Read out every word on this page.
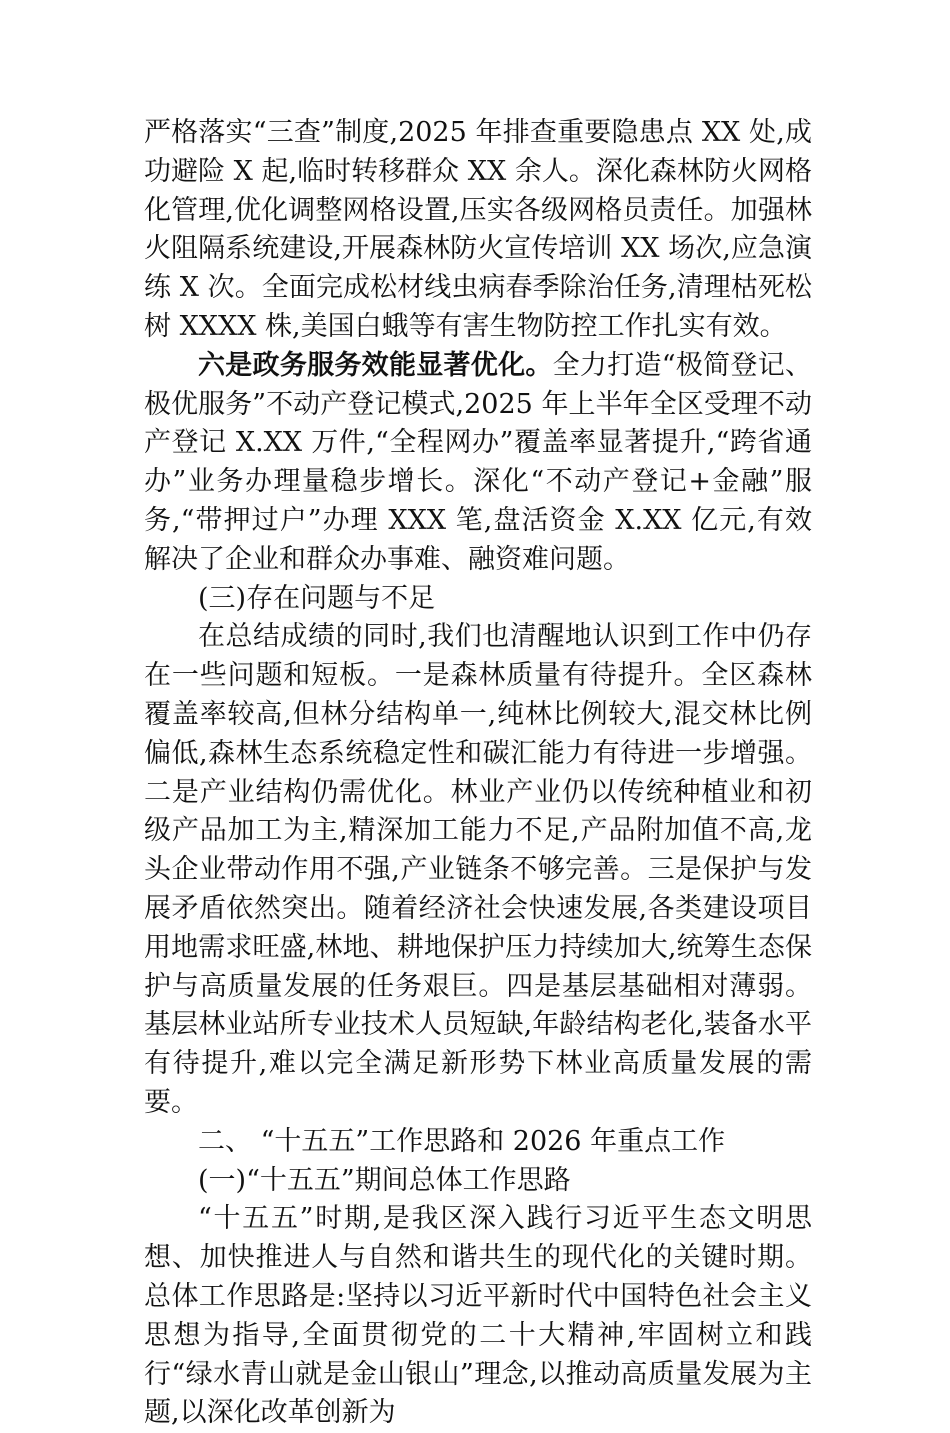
严格落实“三查”制度,2025 年排查重要隐患点 XX 处,成功避险 X 起,临时转移群众 XX 余人。深化森林防火网格化管理,优化调整网格设置,压实各级网格员责任。加强林火阻隔系统建设,开展森林防火宣传培训 XX 场次,应急演练 X 次。全面完成松材线虫病春季除治任务,清理枯死松树 XXXX 株,美国白蛾等有害生物防控工作扎实有效。

六是政务服务效能显著优化。全力打造“极简登记、极优服务”不动产登记模式,2025 年上半年全区受理不动产登记 X.XX 万件,“全程网办”覆盖率显著提升,“跨省通办”业务办理量稳步增长。深化“不动产登记+金融”服务,“带押过户”办理 XXX 笔,盘活资金 X.XX 亿元,有效解决了企业和群众办事难、融资难问题。

(三)存在问题与不足

在总结成绩的同时,我们也清醒地认识到工作中仍存在一些问题和短板。一是森林质量有待提升。全区森林覆盖率较高,但林分结构单一,纯林比例较大,混交林比例偏低,森林生态系统稳定性和碳汇能力有待进一步增强。二是产业结构仍需优化。林业产业仍以传统种植业和初级产品加工为主,精深加工能力不足,产品附加值不高,龙头企业带动作用不强,产业链条不够完善。三是保护与发展矛盾依然突出。随着经济社会快速发展,各类建设项目用地需求旺盛,林地、耕地保护压力持续加大,统筹生态保护与高质量发展的任务艰巨。四是基层基础相对薄弱。基层林业站所专业技术人员短缺,年龄结构老化,装备水平有待提升,难以完全满足新形势下林业高质量发展的需要。

二、 “十五五”工作思路和 2026 年重点工作

(一)“十五五”期间总体工作思路

“十五五”时期,是我区深入践行习近平生态文明思想、加快推进人与自然和谐共生的现代化的关键时期。总体工作思路是:坚持以习近平新时代中国特色社会主义思想为指导,全面贯彻党的二十大精神,牢固树立和践行“绿水青山就是金山银山”理念,以推动高质量发展为主题,以深化改革创新为
